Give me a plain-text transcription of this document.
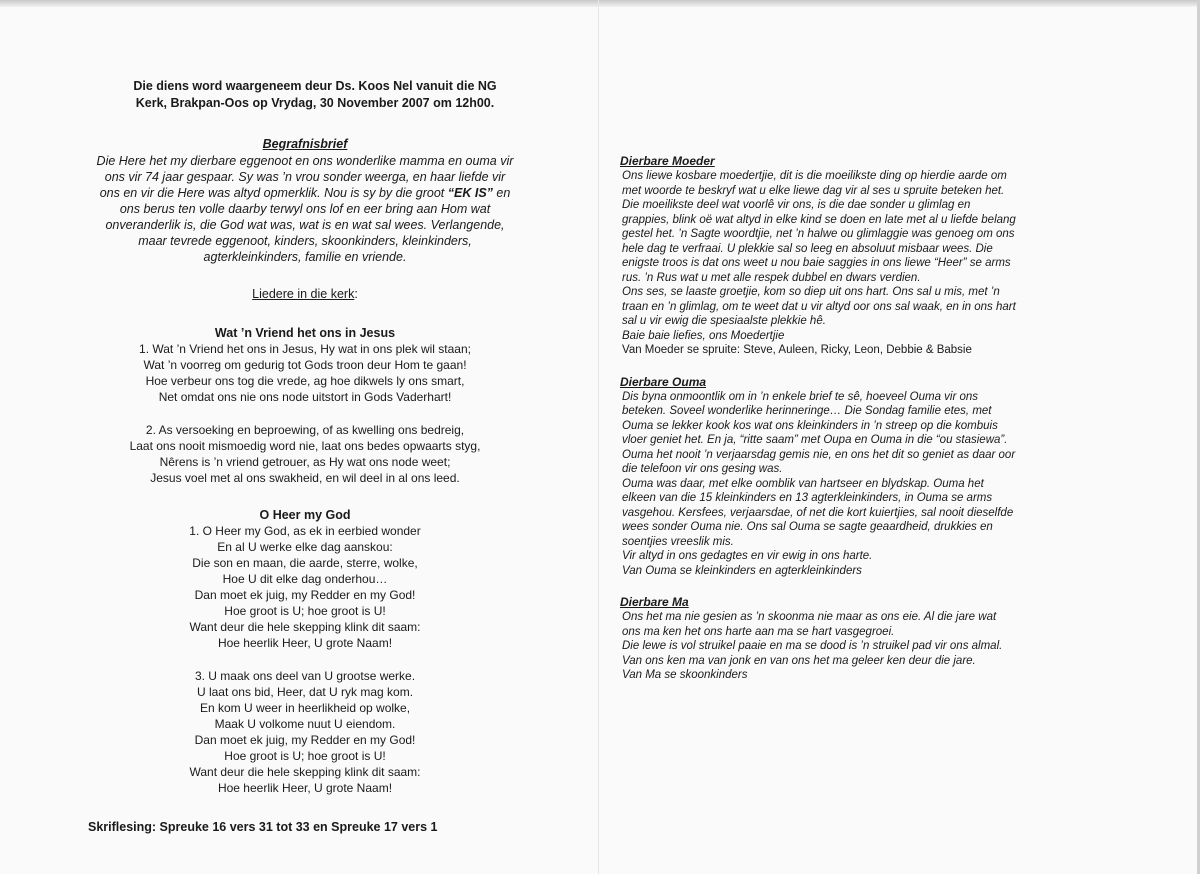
Die diens word waargeneem deur Ds. Koos Nel vanuit die NG
Kerk, Brakpan-Oos op Vrydag, 30 November 2007 om 12h00.
Begrafnisbrief
Die Here het my dierbare eggenoot en ons wonderlike mamma en ouma vir
ons vir 74 jaar gespaar. Sy was ’n vrou sonder weerga, en haar liefde vir
ons en vir die Here was altyd opmerklik. Nou is sy by die groot “EK IS” en
ons berus ten volle daarby terwyl ons lof en eer bring aan Hom wat
onveranderlik is, die God wat was, wat is en wat sal wees. Verlangende,
maar tevrede eggenoot, kinders, skoonkinders, kleinkinders,
agterkleinkinders, familie en vriende.
Liedere in die kerk:
Wat ’n Vriend het ons in Jesus
1. Wat ’n Vriend het ons in Jesus, Hy wat in ons plek wil staan;
Wat ’n voorreg om gedurig tot Gods troon deur Hom te gaan!
Hoe verbeur ons tog die vrede, ag hoe dikwels ly ons smart,
Net omdat ons nie ons node uitstort in Gods Vaderhart!
2. As versoeking en beproewing, of as kwelling ons bedreig,
Laat ons nooit mismoedig word nie, laat ons bedes opwaarts styg,
Nêrens is ’n vriend getrouer, as Hy wat ons node weet;
Jesus voel met al ons swakheid, en wil deel in al ons leed.
O Heer my God
1. O Heer my God, as ek in eerbied wonder
En al U werke elke dag aanskou:
Die son en maan, die aarde, sterre, wolke,
Hoe U dit elke dag onderhou…
Dan moet ek juig, my Redder en my God!
Hoe groot is U; hoe groot is U!
Want deur die hele skepping klink dit saam:
Hoe heerlik Heer, U grote Naam!
3. U maak ons deel van U grootse werke.
U laat ons bid, Heer, dat U ryk mag kom.
En kom U weer in heerlikheid op wolke,
Maak U volkome nuut U eiendom.
Dan moet ek juig, my Redder en my God!
Hoe groot is U; hoe groot is U!
Want deur die hele skepping klink dit saam:
Hoe heerlik Heer, U grote Naam!
Skriflesing: Spreuke 16 vers 31 tot 33 en Spreuke 17 vers 1
Dierbare Moeder
Ons liewe kosbare moedertjie, dit is die moeilikste ding op hierdie aarde om
met woorde te beskryf wat u elke liewe dag vir al ses u spruite beteken het.
Die moeilikste deel wat voorlê vir ons, is die dae sonder u glimlag en
grappies, blink oë wat altyd in elke kind se doen en late met al u liefde belang
gestel het. ’n Sagte woordtjie, net ’n halwe ou glimlaggie was genoeg om ons
hele dag te verfraai. U plekkie sal so leeg en absoluut misbaar wees. Die
enigste troos is dat ons weet u nou baie saggies in ons liewe “Heer” se arms
rus. ’n Rus wat u met alle respek dubbel en dwars verdien.
Ons ses, se laaste groetjie, kom so diep uit ons hart. Ons sal u mis, met ’n
traan en ’n glimlag, om te weet dat u vir altyd oor ons sal waak, en in ons hart
sal u vir ewig die spesiaalste plekkie hê.
Baie baie liefies, ons Moedertjie
Van Moeder se spruite: Steve, Auleen, Ricky, Leon, Debbie & Babsie
Dierbare Ouma
Dis byna onmoontlik om in ’n enkele brief te sê, hoeveel Ouma vir ons
beteken. Soveel wonderlike herinneringe… Die Sondag familie etes, met
Ouma se lekker kook kos wat ons kleinkinders in ’n streep op die kombuis
vloer geniet het. En ja, “ritte saam” met Oupa en Ouma in die “ou stasiewa”.
Ouma het nooit ’n verjaarsdag gemis nie, en ons het dit so geniet as daar oor
die telefoon vir ons gesing was.
Ouma was daar, met elke oomblik van hartseer en blydskap. Ouma het
elkeen van die 15 kleinkinders en 13 agterkleinkinders, in Ouma se arms
vasgehou. Kersfees, verjaarsdae, of net die kort kuiertjies, sal nooit dieselfde
wees sonder Ouma nie. Ons sal Ouma se sagte geaardheid, drukkies en
soentjies vreeslik mis.
Vir altyd in ons gedagtes en vir ewig in ons harte.
Van Ouma se kleinkinders en agterkleinkinders
Dierbare Ma
Ons het ma nie gesien as ’n skoonma nie maar as ons eie. Al die jare wat
ons ma ken het ons harte aan ma se hart vasgegroei.
Die lewe is vol struikel paaie en ma se dood is ’n struikel pad vir ons almal.
Van ons ken ma van jonk en van ons het ma geleer ken deur die jare.
Van Ma se skoonkinders
